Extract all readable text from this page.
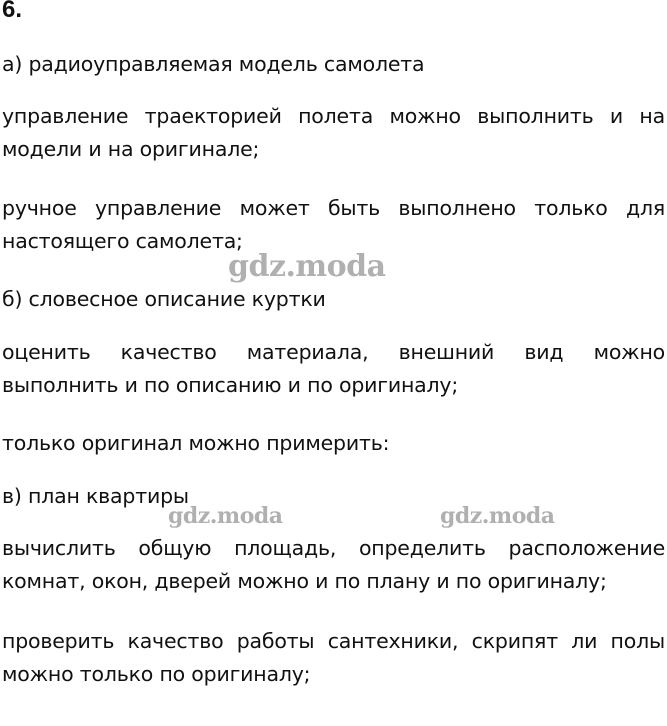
6.
а) радиоуправляемая модель самолета
управление траекторией полета можно выполнить и на модели и на оригинале;
ручное управление может быть выполнено только для настоящего самолета;
б) словесное описание куртки
оценить качество материала, внешний вид можно выполнить и по описанию и по оригиналу;
только оригинал можно примерить:
в) план квартиры
вычислить общую площадь, определить расположение комнат, окон, дверей можно и по плану и по оригиналу;
проверить качество работы сантехники, скрипят ли полы можно только по оригиналу;
gdz.moda
gdz.moda	gdz.moda
